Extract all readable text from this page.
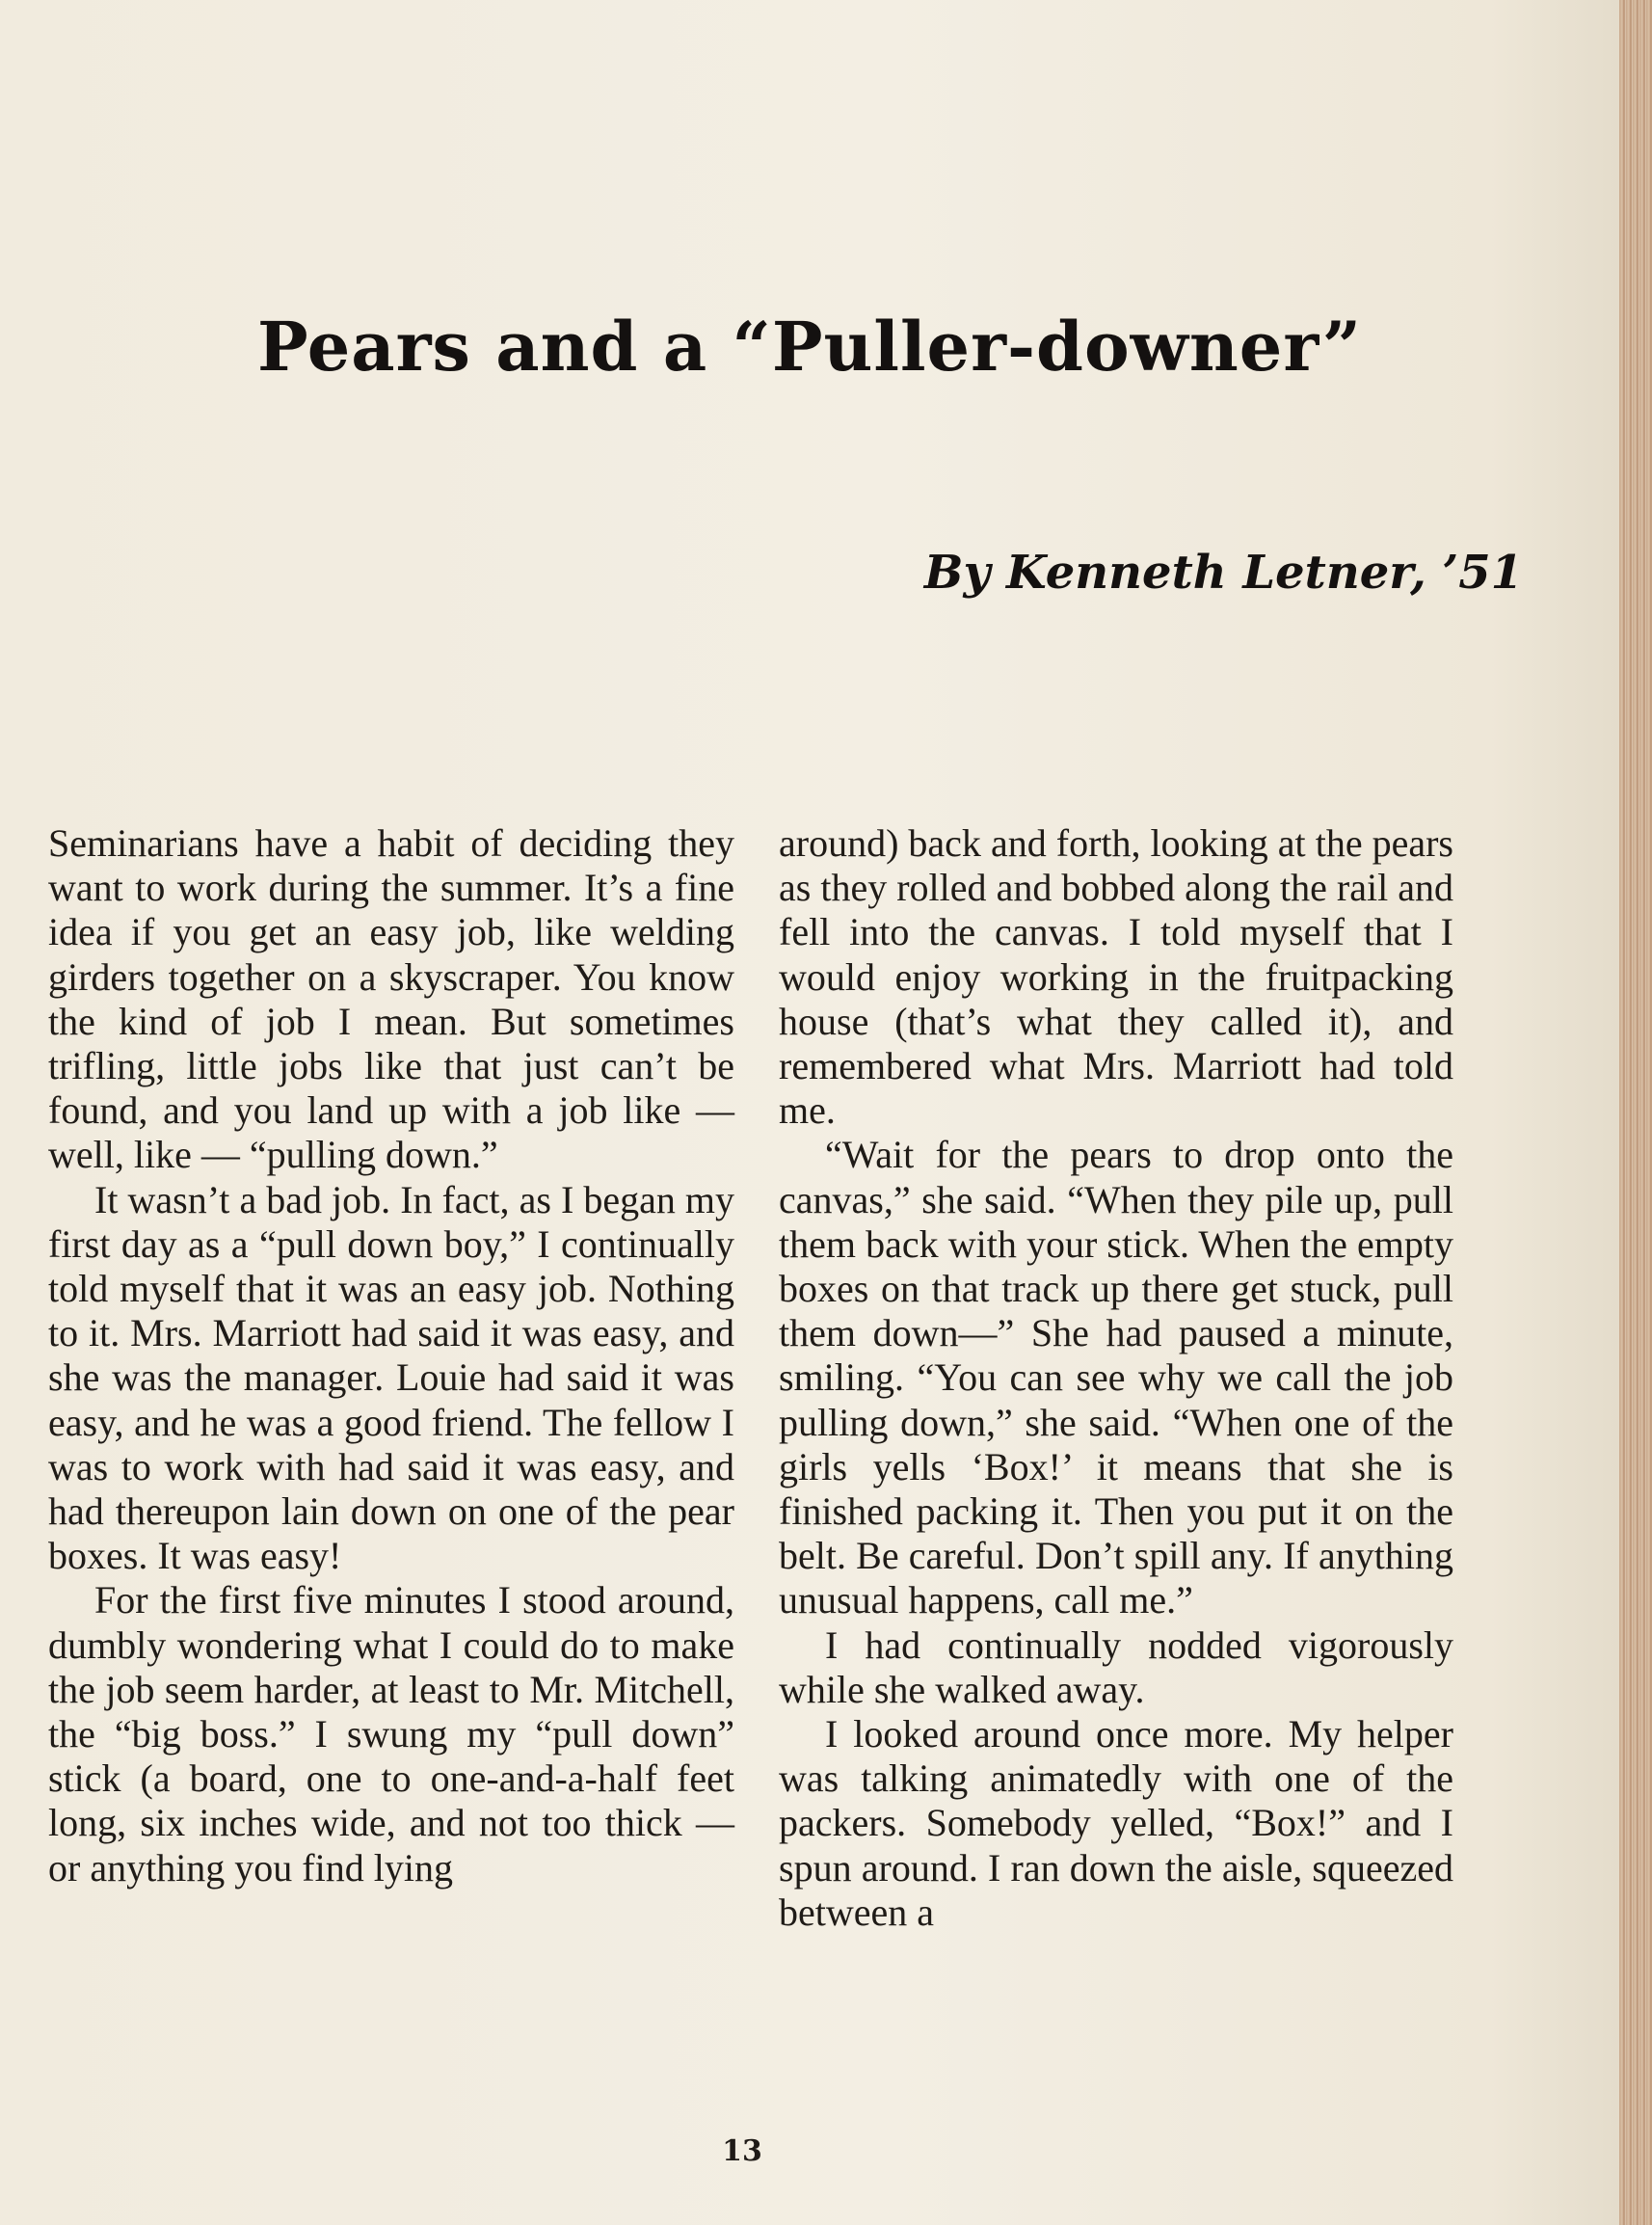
Pears and a “Puller-downer”
By Kenneth Letner, ’51

Seminarians have a habit of deciding they want to work during the summer. It’s a fine idea if you get an easy job, like welding girders together on a skyscraper. You know the kind of job I mean. But sometimes trifling, little jobs like that just can’t be found, and you land up with a job like — well, like — “pulling down.”

It wasn’t a bad job. In fact, as I began my first day as a “pull down boy,” I continually told myself that it was an easy job. Nothing to it. Mrs. Marriott had said it was easy, and she was the manager. Louie had said it was easy, and he was a good friend. The fellow I was to work with had said it was easy, and had thereupon lain down on one of the pear boxes. It was easy!

For the first five minutes I stood around, dumbly wondering what I could do to make the job seem harder, at least to Mr. Mitchell, the “big boss.” I swung my “pull down” stick (a board, one to one-and-a-half feet long, six inches wide, and not too thick — or anything you find lying

around) back and forth, looking at the pears as they rolled and bobbed along the rail and fell into the canvas. I told myself that I would enjoy working in the fruitpacking house (that’s what they called it), and remembered what Mrs. Marriott had told me.

“Wait for the pears to drop onto the canvas,” she said. “When they pile up, pull them back with your stick. When the empty boxes on that track up there get stuck, pull them down—” She had paused a minute, smiling. “You can see why we call the job pulling down,” she said. “When one of the girls yells ‘Box!’ it means that she is finished packing it. Then you put it on the belt. Be careful. Don’t spill any. If anything unusual happens, call me.”

I had continually nodded vigorously while she walked away.

I looked around once more. My helper was talking animatedly with one of the packers. Somebody yelled, “Box!” and I spun around. I ran down the aisle, squeezed between a

13
